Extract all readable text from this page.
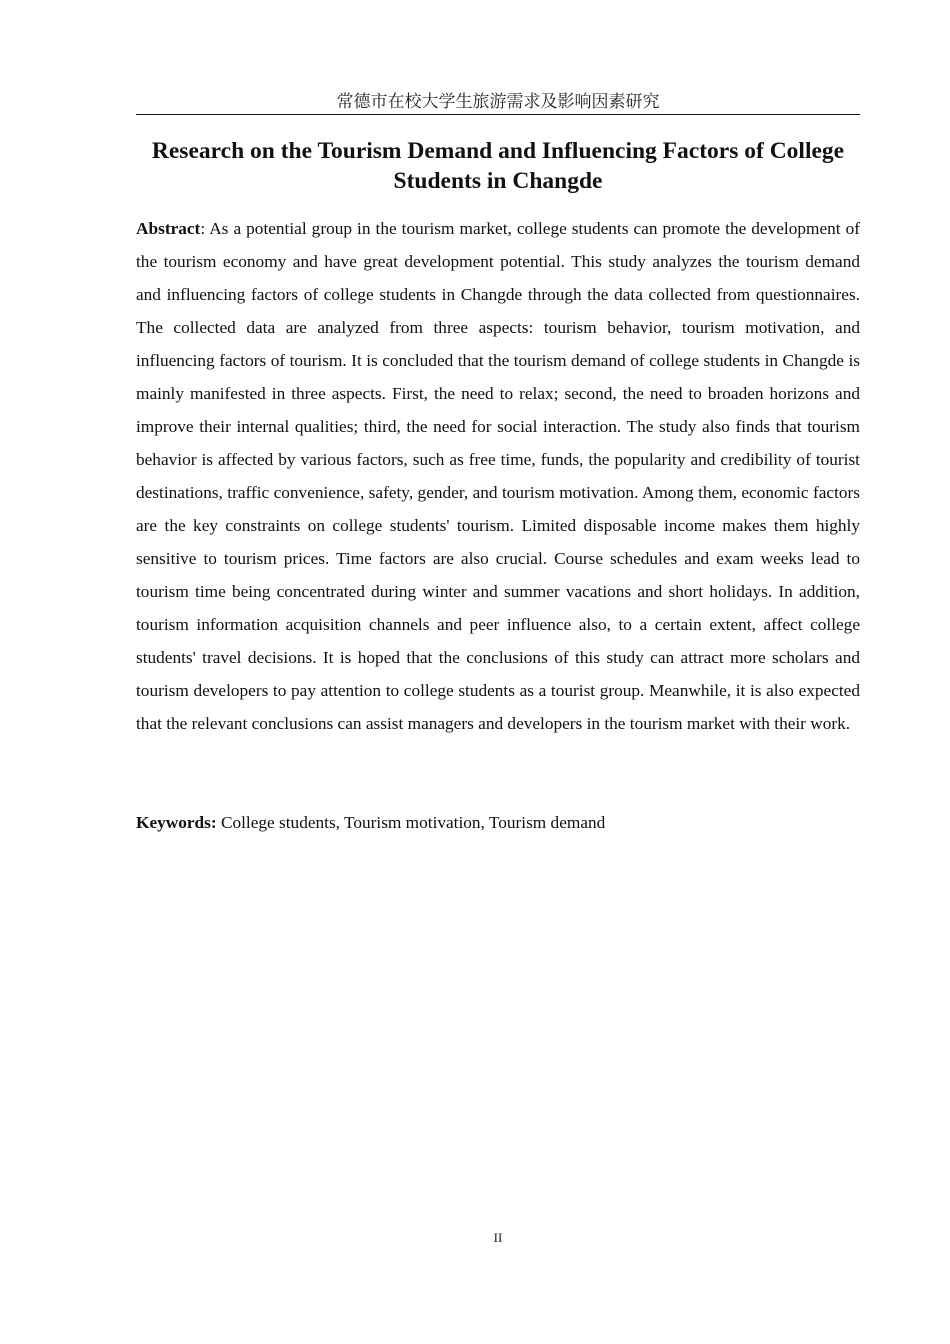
常德市在校大学生旅游需求及影响因素研究
Research on the Tourism Demand and Influencing Factors of College Students in Changde

Abstract: As a potential group in the tourism market, college students can promote the development of the tourism economy and have great development potential. This study analyzes the tourism demand and influencing factors of college students in Changde through the data collected from questionnaires. The collected data are analyzed from three aspects: tourism behavior, tourism motivation, and influencing factors of tourism. It is concluded that the tourism demand of college students in Changde is mainly manifested in three aspects. First, the need to relax; second, the need to broaden horizons and improve their internal qualities; third, the need for social interaction. The study also finds that tourism behavior is affected by various factors, such as free time, funds, the popularity and credibility of tourist destinations, traffic convenience, safety, gender, and tourism motivation. Among them, economic factors are the key constraints on college students' tourism. Limited disposable income makes them highly sensitive to tourism prices. Time factors are also crucial. Course schedules and exam weeks lead to tourism time being concentrated during winter and summer vacations and short holidays. In addition, tourism information acquisition channels and peer influence also, to a certain extent, affect college students' travel decisions. It is hoped that the conclusions of this study can attract more scholars and tourism developers to pay attention to college students as a tourist group. Meanwhile, it is also expected that the relevant conclusions can assist managers and developers in the tourism market with their work.

Keywords: College students, Tourism motivation, Tourism demand

II
